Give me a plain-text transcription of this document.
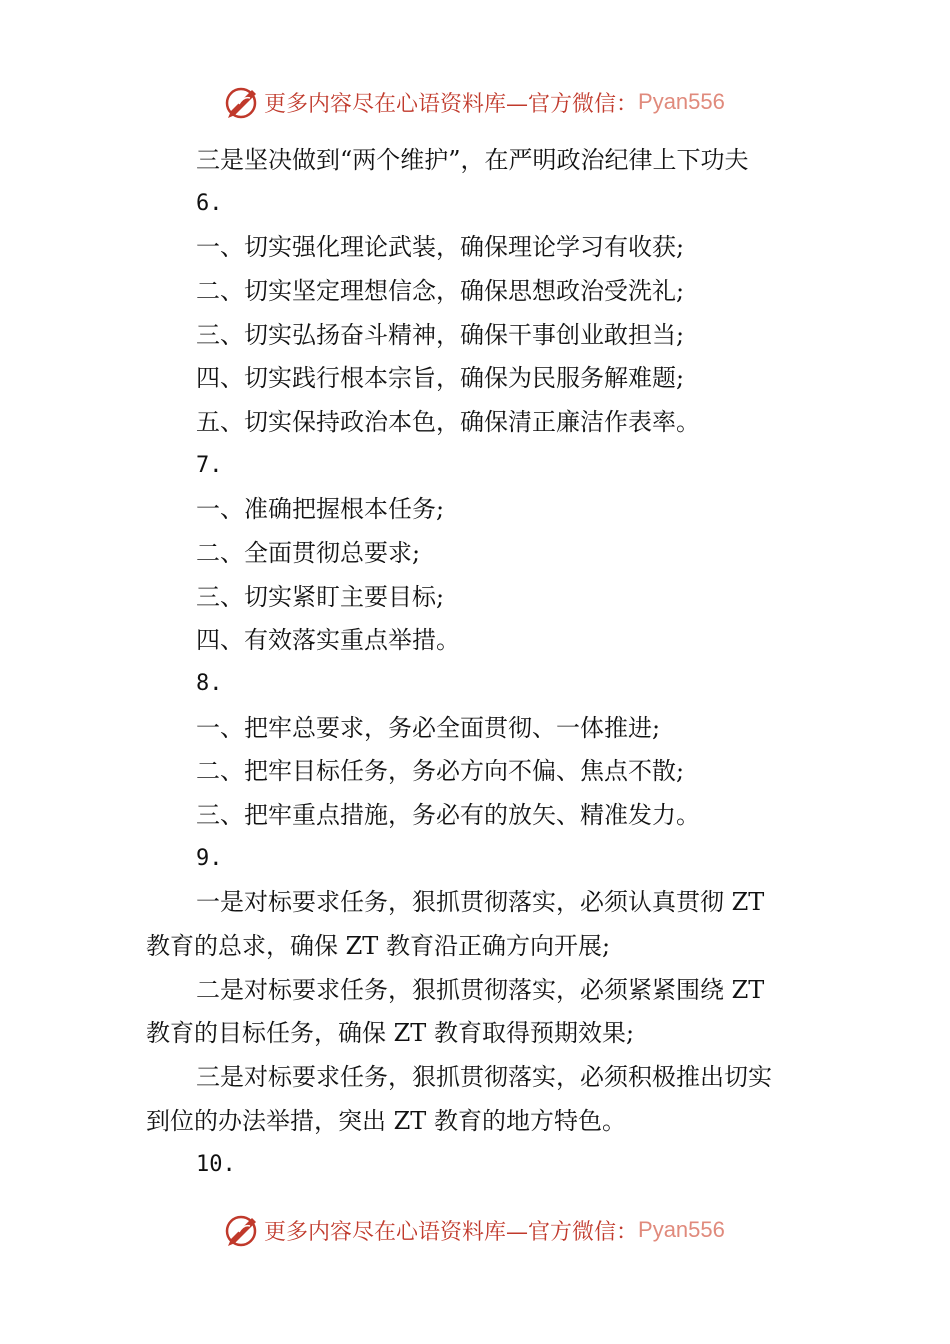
更多内容尽在心语资料库—官方微信： Pyan556
三是坚决做到“两个维护”，在严明政治纪律上下功夫
6.
一、切实强化理论武装，确保理论学习有收获;
二、切实坚定理想信念，确保思想政治受洗礼;
三、切实弘扬奋斗精神，确保干事创业敢担当;
四、切实践行根本宗旨，确保为民服务解难题;
五、切实保持政治本色，确保清正廉洁作表率。
7.
一、准确把握根本任务;
二、全面贯彻总要求;
三、切实紧盯主要目标;
四、有效落实重点举措。
8.
一、把牢总要求，务必全面贯彻、一体推进;
二、把牢目标任务，务必方向不偏、焦点不散;
三、把牢重点措施，务必有的放矢、精准发力。
9.
一是对标要求任务，狠抓贯彻落实，必须认真贯彻 ZT
教育的总求，确保 ZT 教育沿正确方向开展;
二是对标要求任务，狠抓贯彻落实，必须紧紧围绕 ZT
教育的目标任务，确保 ZT 教育取得预期效果;
三是对标要求任务，狠抓贯彻落实，必须积极推出切实
到位的办法举措，突出 ZT 教育的地方特色。
10.
更多内容尽在心语资料库—官方微信： Pyan556
